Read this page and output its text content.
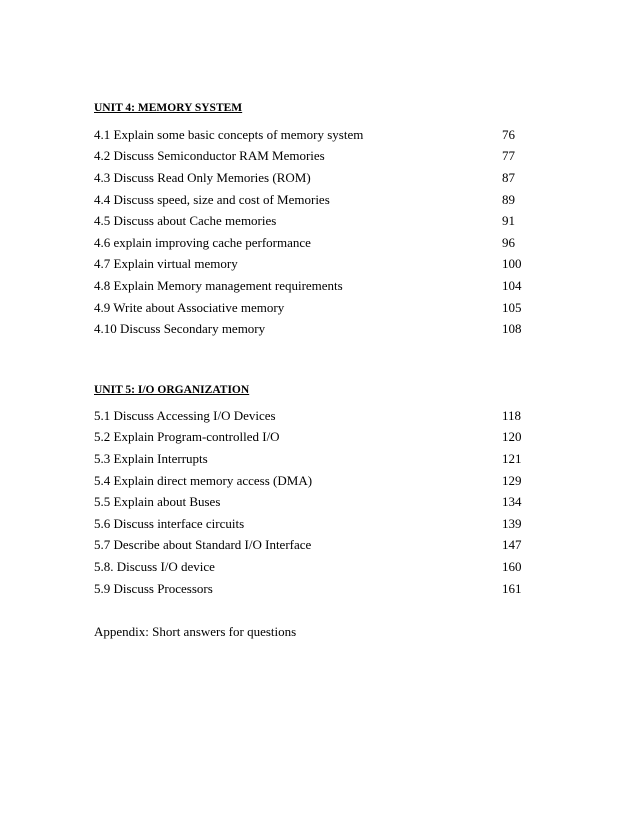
UNIT 4: MEMORY SYSTEM
4.1 Explain some basic concepts of memory system	76
4.2 Discuss Semiconductor RAM Memories	77
4.3 Discuss Read Only Memories (ROM)	87
4.4 Discuss speed, size and cost of Memories	89
4.5 Discuss about Cache memories	91
4.6 explain improving cache performance	96
4.7 Explain virtual memory	100
4.8 Explain Memory management requirements	104
4.9 Write about Associative memory	105
4.10 Discuss Secondary memory	108
UNIT 5: I/O ORGANIZATION
5.1 Discuss Accessing I/O Devices	118
5.2 Explain Program-controlled I/O	120
5.3 Explain Interrupts	121
5.4 Explain direct memory access (DMA)	129
5.5 Explain about Buses	134
5.6 Discuss interface circuits	139
5.7 Describe about Standard I/O Interface	147
5.8. Discuss I/O device	160
5.9 Discuss Processors	161
Appendix: Short answers for questions
